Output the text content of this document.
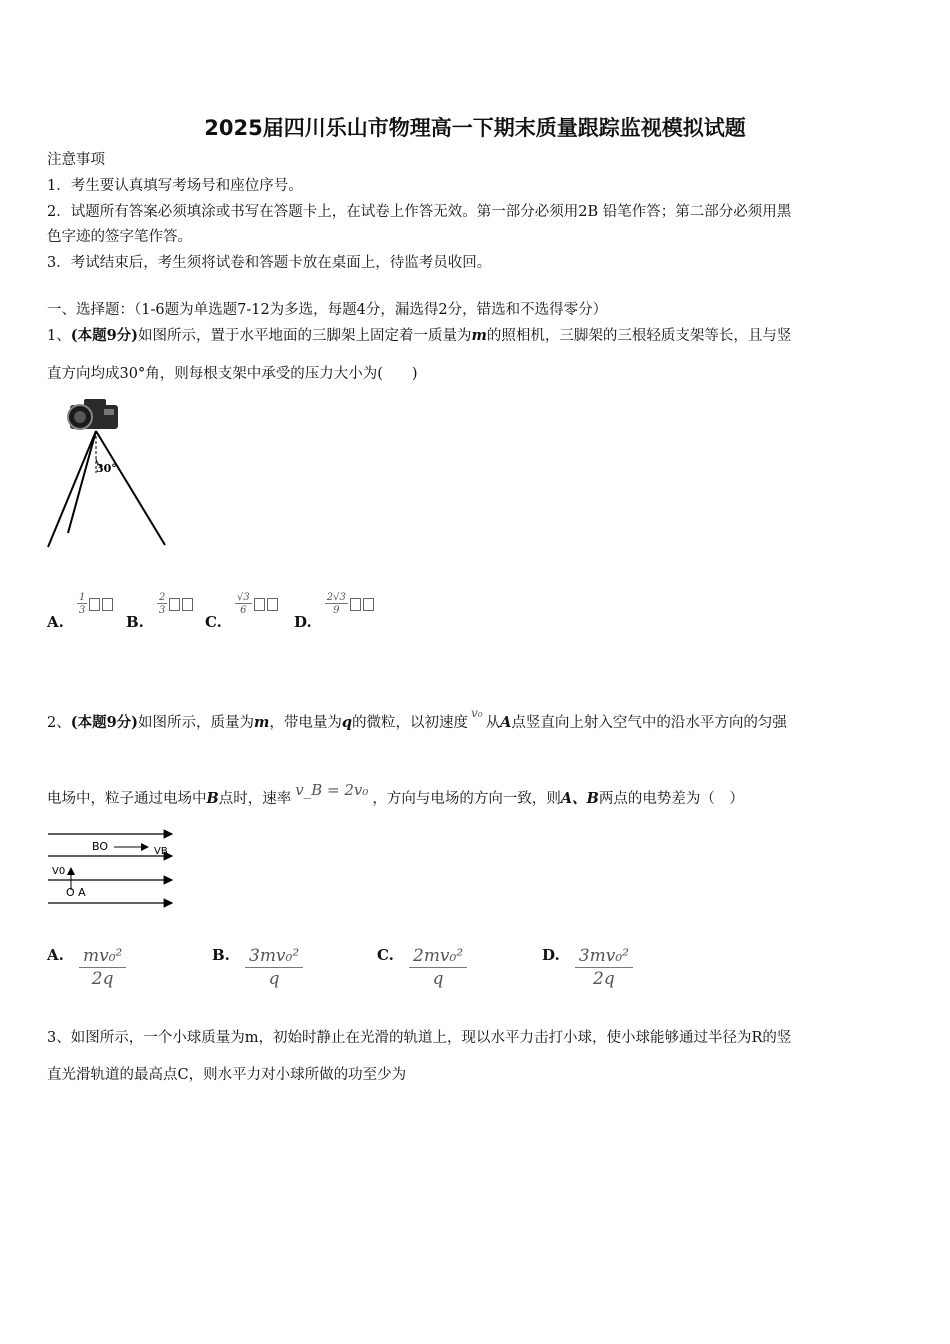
2025届四川乐山市物理高一下期末质量跟踪监视模拟试题
注意事项
1．考生要认真填写考场号和座位序号。
2．试题所有答案必须填涂或书写在答题卡上，在试卷上作答无效。第一部分必须用2B 铅笔作答；第二部分必须用黑
色字迹的签字笔作答。
3．考试结束后，考生须将试卷和答题卡放在桌面上，待监考员收回。
一、选择题：（1-6题为单选题7-12为多选，每题4分，漏选得2分，错选和不选得零分）
1、(本题9分)如图所示，置于水平地面的三脚架上固定着一质量为m的照相机，三脚架的三根轻质支架等长，且与竖
直方向均成30°角，则每根支架中承受的压力大小为(　　)
30°
A.
$\frac{1}{3}$
B.
$\frac{2}{3}$
C.
$\frac{√3}{6}$
D.
$\frac{2√3}{9}$
2、(本题9分)如图所示，质量为m，带电量为q的微粒，以初速度$^{v_0}$从A点竖直向上射入空气中的沿水平方向的匀强
电场中，粒子通过电场中B点时，速率 v_B = 2v₀ ，方向与电场的方向一致，则A、B两点的电势差为（　）
BO	VB
V0
O A
A. $\frac{\text{mv₀²}}{2q}$	B. $\frac{\text{3mv₀²}}{q}$	C. $\frac{\text{2mv₀²}}{q}$	D. $\frac{\text{3mv₀²}}{2q}$
3、如图所示，一个小球质量为m，初始时静止在光滑的轨道上，现以水平力击打小球，使小球能够通过半径为R的竖
直光滑轨道的最高点C，则水平力对小球所做的功至少为
